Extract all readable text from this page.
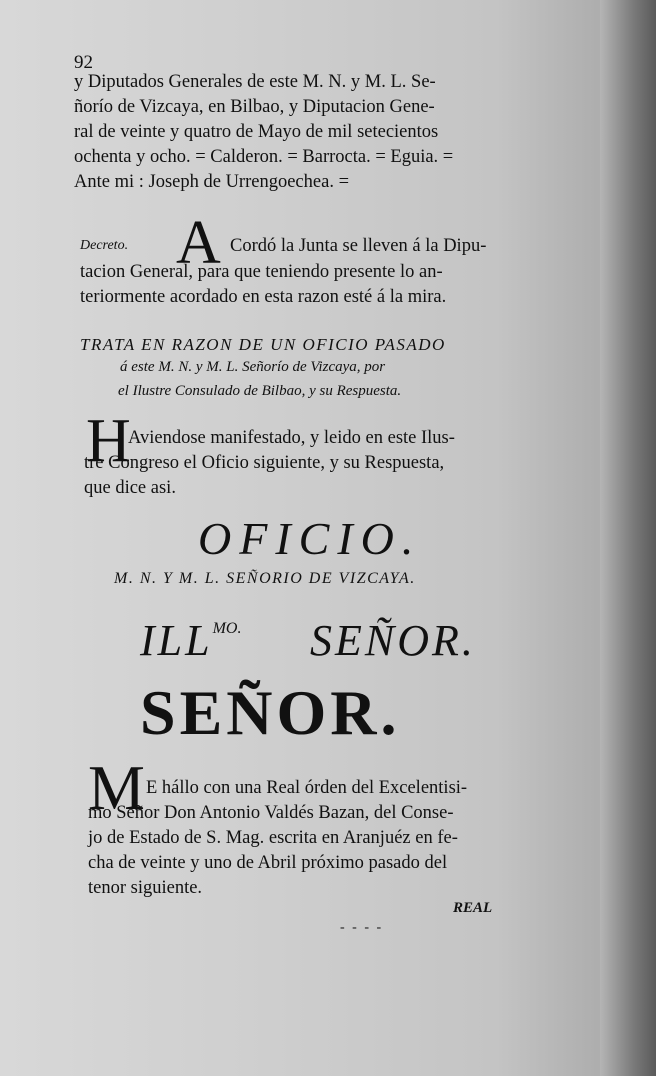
92
y Diputados Generales de este M. N. y M. L. Se-
ñorío de Vizcaya, en Bilbao, y Diputacion Gene-
ral de veinte y quatro de Mayo de mil setecientos
ochenta y ocho. = Calderon. = Barrocta. = Eguia. =
Ante mi : Joseph de Urrengoechea. =
Decreto. A Cordó la Junta se lleven á la Dipu-
tacion General, para que teniendo presente lo an-
teriormente acordado en esta razon esté á la mira.
TRATA EN RAZON DE UN OFICIO PASADO
á este M. N. y M. L. Señorío de Vizcaya, por
el Ilustre Consulado de Bilbao, y su Respuesta.
H
Aviendose manifestado, y leido en este Ilus-
tre Congreso el Oficio siguiente, y su Respuesta,
que dice asi.
OFICIO.
M. N. Y M. L. SEÑORIO DE VIZCAYA.
$ILL^{MO.}$ SEÑOR.
SEÑOR.
M E hállo con una Real órden del Excelentisi-
mo Señor Don Antonio Valdés Bazan, del Conse-
jo de Estado de S. Mag. escrita en Aranjuéz en fe-
cha de veinte y uno de Abril próximo pasado del
tenor siguiente.
REAL
- - - -
